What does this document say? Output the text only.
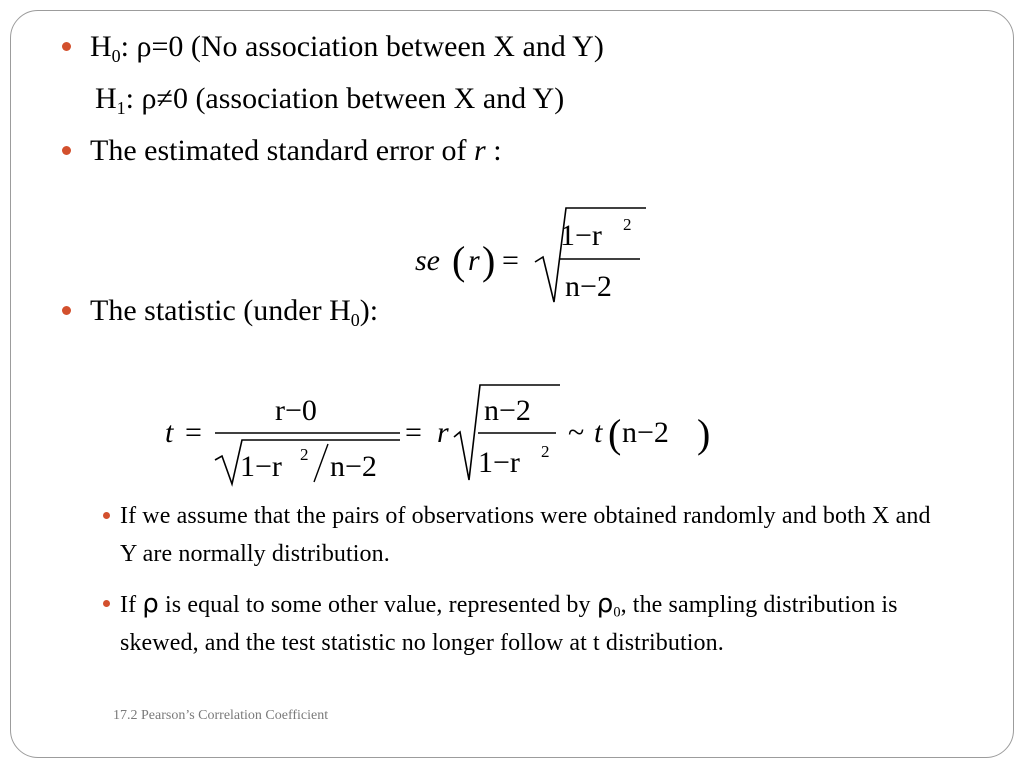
$H_0$: ρ=0 (No association between X and Y)
$H_1$: ρ≠0 (association between X and Y)
The estimated standard error of r :
se ( r ) =
1−r 2
n−2
The statistic (under $H_0$):
t =
r−0
1−r 2 n−2
= r
n−2
1−r 2
~ t ( n−2 )
If we assume that the pairs of observations were obtained randomly and both X and Y are normally distribution.
If ρ is equal to some other value, represented by $\rho_0$, the sampling distribution is skewed, and the test statistic no longer follow at t distribution.
17.2 Pearson’s Correlation Coefficient
